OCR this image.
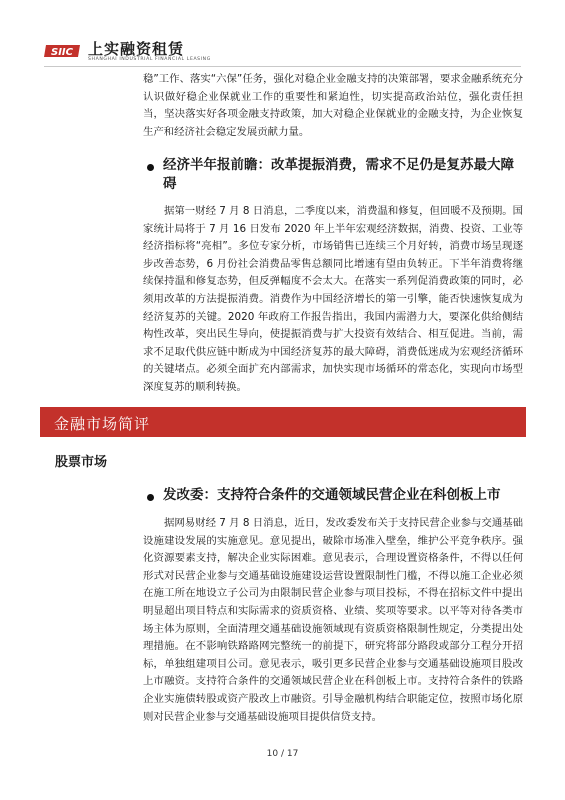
SIIC 上实融资租赁
SHANGHAI INDUSTRIAL FINANCIAL LEASING

稳”工作、落实“六保”任务，强化对稳企业金融支持的决策部署，要求金融系统充分认识做好稳企业保就业工作的重要性和紧迫性，切实提高政治站位，强化责任担当，坚决落实好各项金融支持政策，加大对稳企业保就业的金融支持，为企业恢复生产和经济社会稳定发展贡献力量。

经济半年报前瞻：改革提振消费，需求不足仍是复苏最大障碍

据第一财经 7 月 8 日消息，二季度以来，消费温和修复，但回暖不及预期。国家统计局将于 7 月 16 日发布 2020 年上半年宏观经济数据，消费、投资、工业等经济指标将“亮相”。多位专家分析，市场销售已连续三个月好转，消费市场呈现逐步改善态势，6 月份社会消费品零售总额同比增速有望由负转正。下半年消费将继续保持温和修复态势，但反弹幅度不会太大。在落实一系列促消费政策的同时，必须用改革的方法提振消费。消费作为中国经济增长的第一引擎，能否快速恢复成为经济复苏的关键。2020 年政府工作报告指出，我国内需潜力大，要深化供给侧结构性改革，突出民生导向，使提振消费与扩大投资有效结合、相互促进。当前，需求不足取代供应链中断成为中国经济复苏的最大障碍，消费低迷成为宏观经济循环的关键堵点。必须全面扩充内部需求，加快实现市场循环的常态化，实现向市场型深度复苏的顺利转换。

金融市场简评
股票市场

发改委：支持符合条件的交通领域民营企业在科创板上市

据网易财经 7 月 8 日消息，近日，发改委发布关于支持民营企业参与交通基础设施建设发展的实施意见。意见提出，破除市场准入壁垒，维护公平竞争秩序。强化资源要素支持，解决企业实际困难。意见表示，合理设置资格条件，不得以任何形式对民营企业参与交通基础设施建设运营设置限制性门槛，不得以施工企业必须在施工所在地设立子公司为由限制民营企业参与项目投标，不得在招标文件中提出明显超出项目特点和实际需求的资质资格、业绩、奖项等要求。以平等对待各类市场主体为原则，全面清理交通基础设施领域现有资质资格限制性规定，分类提出处理措施。在不影响铁路路网完整统一的前提下，研究将部分路段或部分工程分开招标，单独组建项目公司。意见表示，吸引更多民营企业参与交通基础设施项目股改上市融资。支持符合条件的交通领域民营企业在科创板上市。支持符合条件的铁路企业实施债转股或资产股改上市融资。引导金融机构结合职能定位，按照市场化原则对民营企业参与交通基础设施项目提供信贷支持。

10 / 17
